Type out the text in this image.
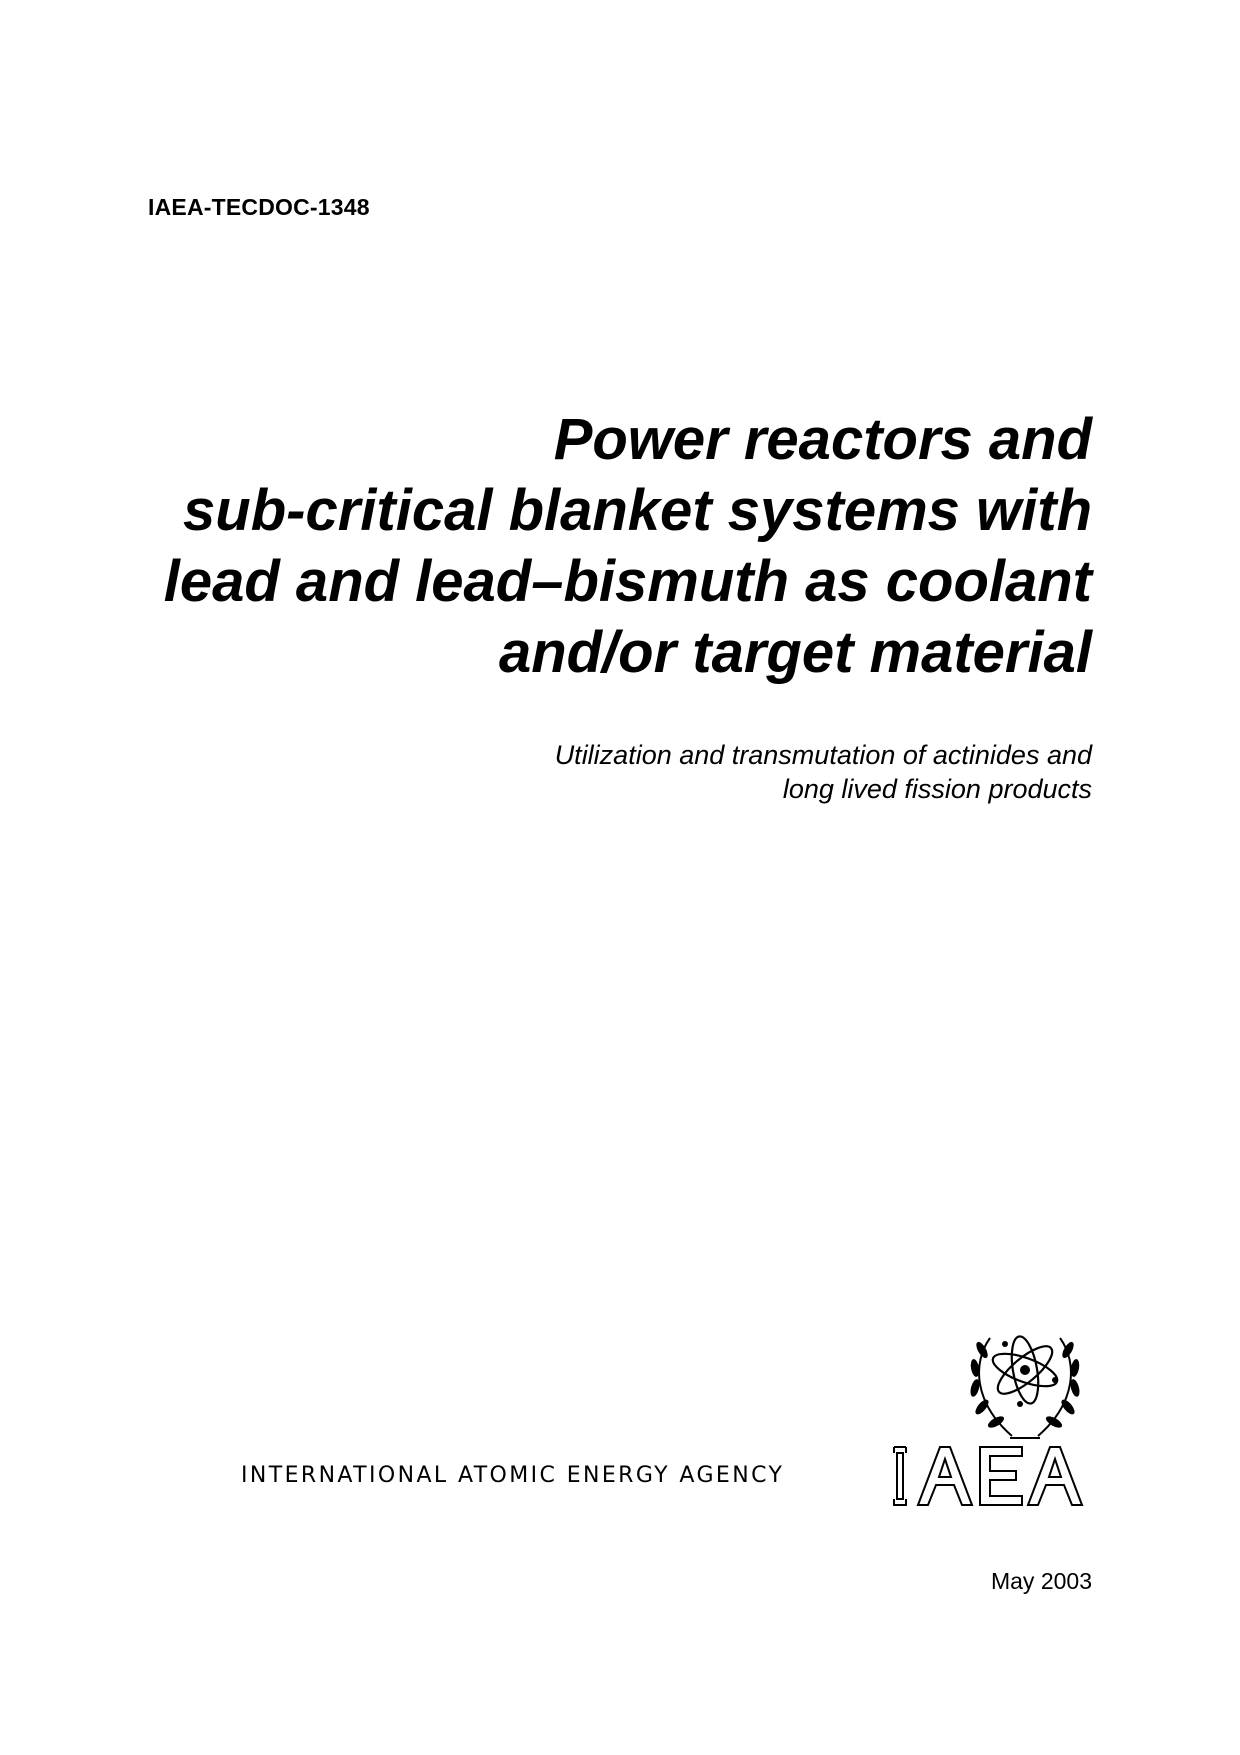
IAEA-TECDOC-1348
Power reactors and
sub-critical blanket systems with
lead and lead–bismuth as coolant
and/or target material
Utilization and transmutation of actinides and
long lived fission products
INTERNATIONAL ATOMIC ENERGY AGENCY
May 2003
